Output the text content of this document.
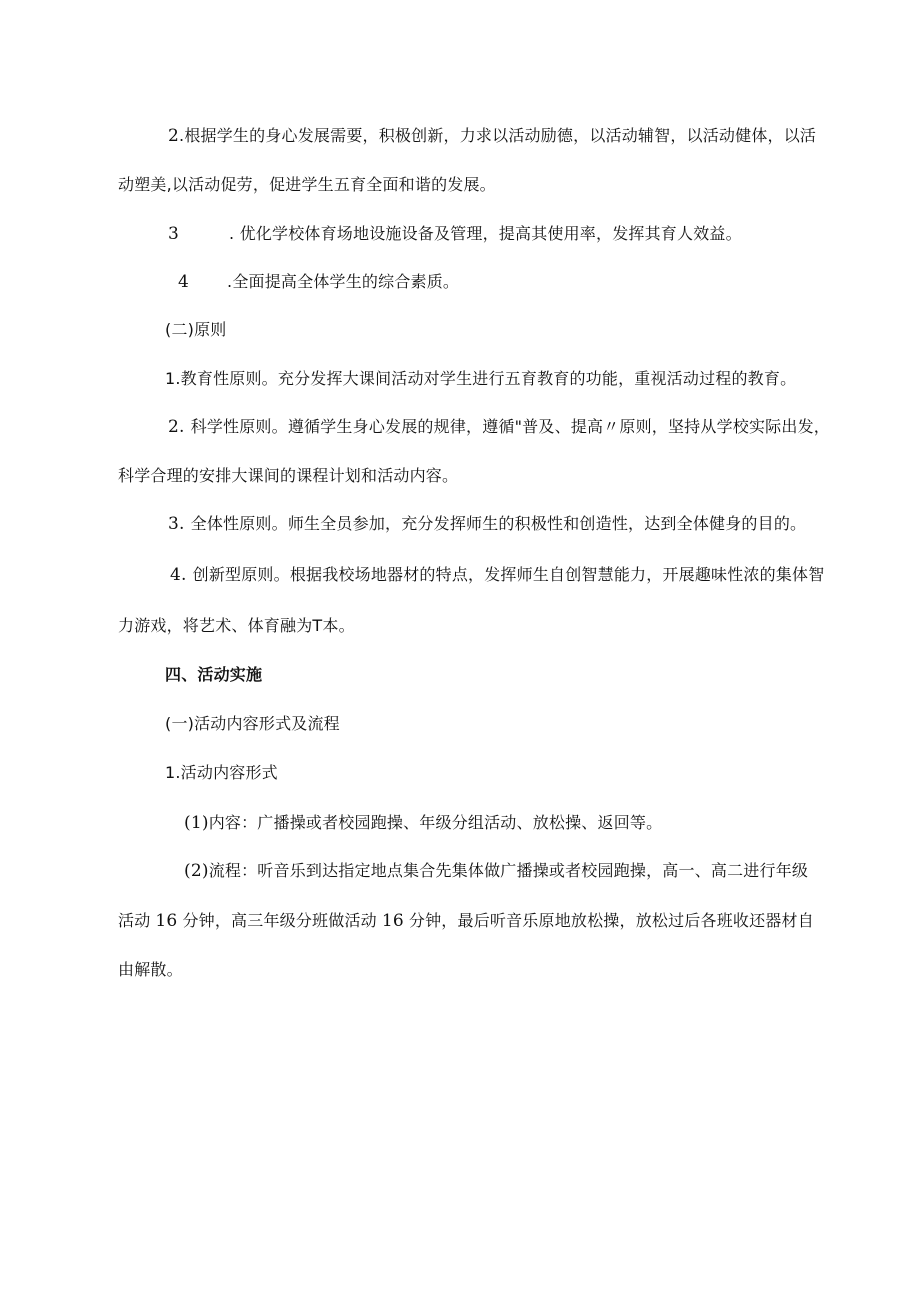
2.根据学生的身心发展需要，积极创新，力求以活动励德，以活动辅智，以活动健体，以活
动塑美,以活动促劳，促进学生五育全面和谐的发展。
3	. 优化学校体育场地设施设备及管理，提高其使用率，发挥其育人效益。
4 .全面提高全体学生的综合素质。
(二)原则
1.教育性原则。充分发挥大课间活动对学生进行五育教育的功能，重视活动过程的教育。
2. 科学性原则。遵循学生身心发展的规律，遵循"普及、提高〃原则，坚持从学校实际出发，
科学合理的安排大课间的课程计划和活动内容。
3. 全体性原则。师生全员参加，充分发挥师生的积极性和创造性，达到全体健身的目的。
4. 创新型原则。根据我校场地器材的特点，发挥师生自创智慧能力，开展趣味性浓的集体智
力游戏，将艺术、体育融为T本。
四、活动实施
(一)活动内容形式及流程
1.活动内容形式
(1)内容：广播操或者校园跑操、年级分组活动、放松操、返回等。
(2)流程：听音乐到达指定地点集合先集体做广播操或者校园跑操，高一、高二进行年级
活动 16 分钟，高三年级分班做活动 16 分钟，最后听音乐原地放松操，放松过后各班收还器材自
由解散。
